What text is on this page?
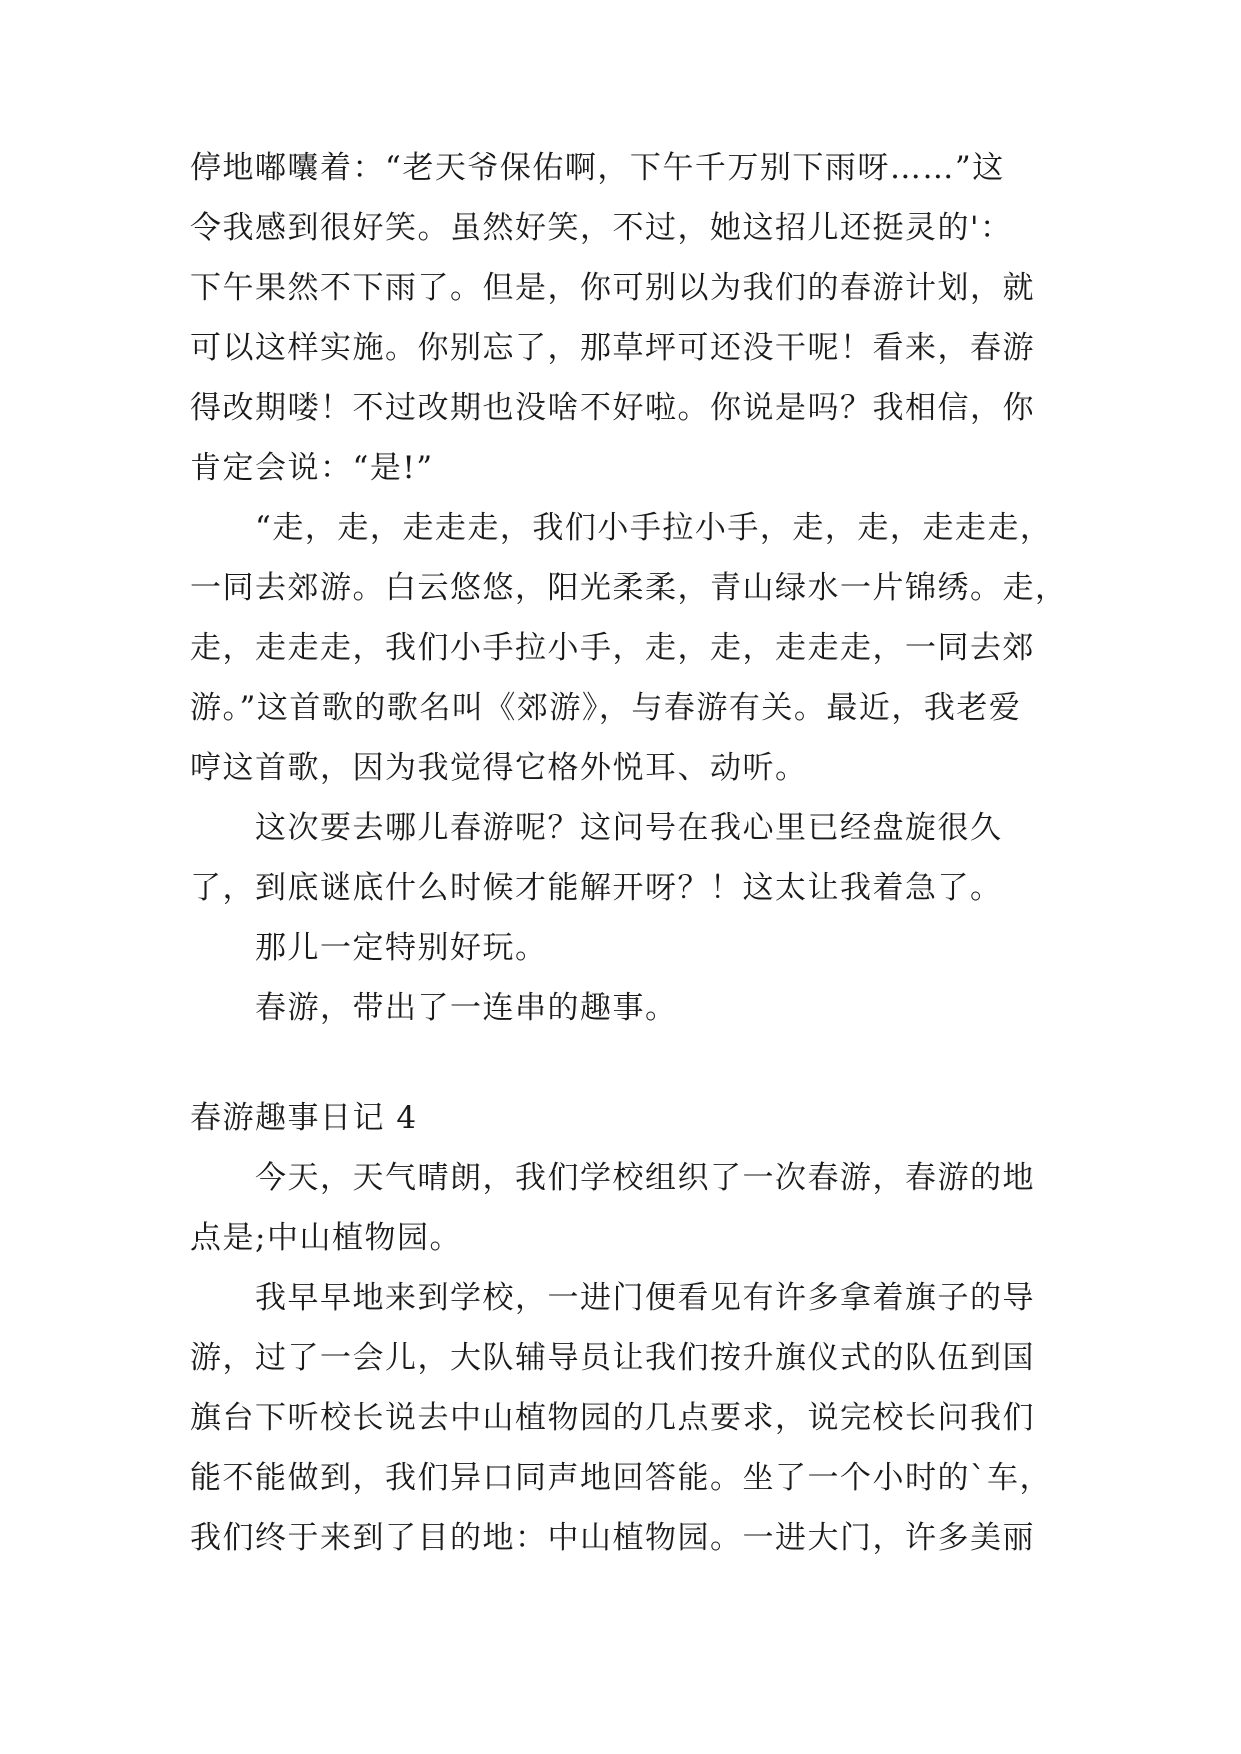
停地嘟囔着：“老天爷保佑啊，下午千万别下雨呀……”这
令我感到很好笑。虽然好笑，不过，她这招儿还挺灵的'：
下午果然不下雨了。但是，你可别以为我们的春游计划，就
可以这样实施。你别忘了，那草坪可还没干呢！看来，春游
得改期喽！不过改期也没啥不好啦。你说是吗？我相信，你
肯定会说：“是!”
“走，走，走走走，我们小手拉小手，走，走，走走走，
一同去郊游。白云悠悠，阳光柔柔，青山绿水一片锦绣。走，
走，走走走，我们小手拉小手，走，走，走走走，一同去郊
游。”这首歌的歌名叫《郊游》，与春游有关。最近，我老爱
哼这首歌，因为我觉得它格外悦耳、动听。
这次要去哪儿春游呢？这问号在我心里已经盘旋很久
了，到底谜底什么时候才能解开呀？！这太让我着急了。
那儿一定特别好玩。
春游，带出了一连串的趣事。
春游趣事日记 4
今天，天气晴朗，我们学校组织了一次春游，春游的地
点是;中山植物园。
我早早地来到学校，一进门便看见有许多拿着旗子的导
游，过了一会儿，大队辅导员让我们按升旗仪式的队伍到国
旗台下听校长说去中山植物园的几点要求，说完校长问我们
能不能做到，我们异口同声地回答能。坐了一个小时的`车，
我们终于来到了目的地：中山植物园。一进大门，许多美丽
